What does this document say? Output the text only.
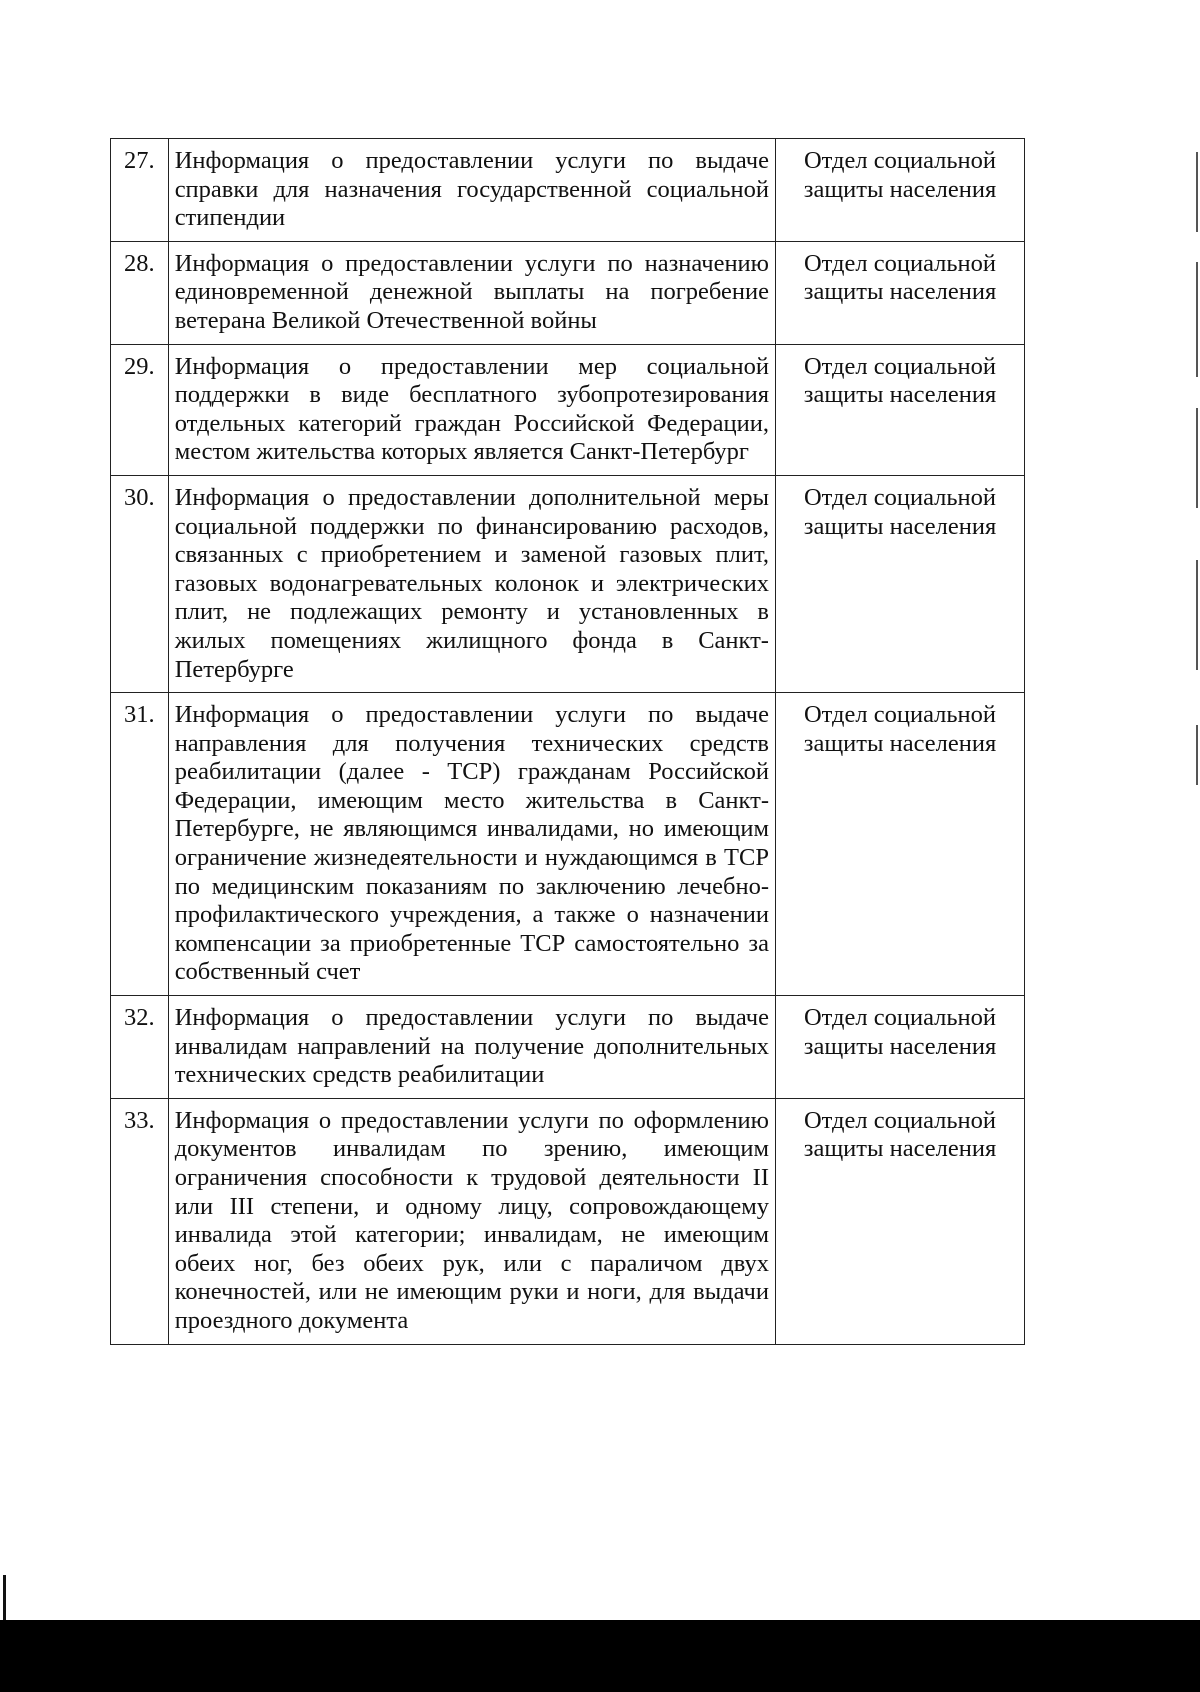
27.	Информация о предоставлении услуги по выдаче справки для назначения государственной социальной стипендии	Отдел социальной
защиты населения

28.	Информация о предоставлении услуги по назначению единовременной денежной выплаты на погребение ветерана Великой Отечественной войны	Отдел социальной
защиты населения

29.	Информация о предоставлении мер социальной поддержки в виде бесплатного зубопротезирования отдельных категорий граждан Российской Федерации, местом жительства которых является Санкт-Петербург	Отдел социальной
защиты населения

30.	Информация о предоставлении дополнительной меры социальной поддержки по финансированию расходов, связанных с приобретением и заменой газовых плит, газовых водонагревательных колонок и электрических плит, не подлежащих ремонту и установленных в жилых помещениях жилищного фонда в Санкт-Петербурге	Отдел социальной
защиты населения

31.	Информация о предоставлении услуги по выдаче направления для получения технических средств реабилитации (далее - ТСР) гражданам Российской Федерации, имеющим место жительства в Санкт-Петербурге, не являющимся инвалидами, но имеющим ограничение жизнедеятельности и нуждающимся в ТСР по медицинским показаниям по заключению лечебно-профилактического учреждения, а также о назначении компенсации за приобретенные ТСР самостоятельно за собственный счет	Отдел социальной
защиты населения

32.	Информация о предоставлении услуги по выдаче инвалидам направлений на получение дополнительных технических средств реабилитации	Отдел социальной
защиты населения

33.	Информация о предоставлении услуги по оформлению документов инвалидам по зрению, имеющим ограничения способности к трудовой деятельности II или III степени, и одному лицу, сопровождающему инвалида этой категории; инвалидам, не имеющим обеих ног, без обеих рук, или с параличом двух конечностей, или не имеющим руки и ноги, для выдачи проездного документа	Отдел социальной
защиты населения
